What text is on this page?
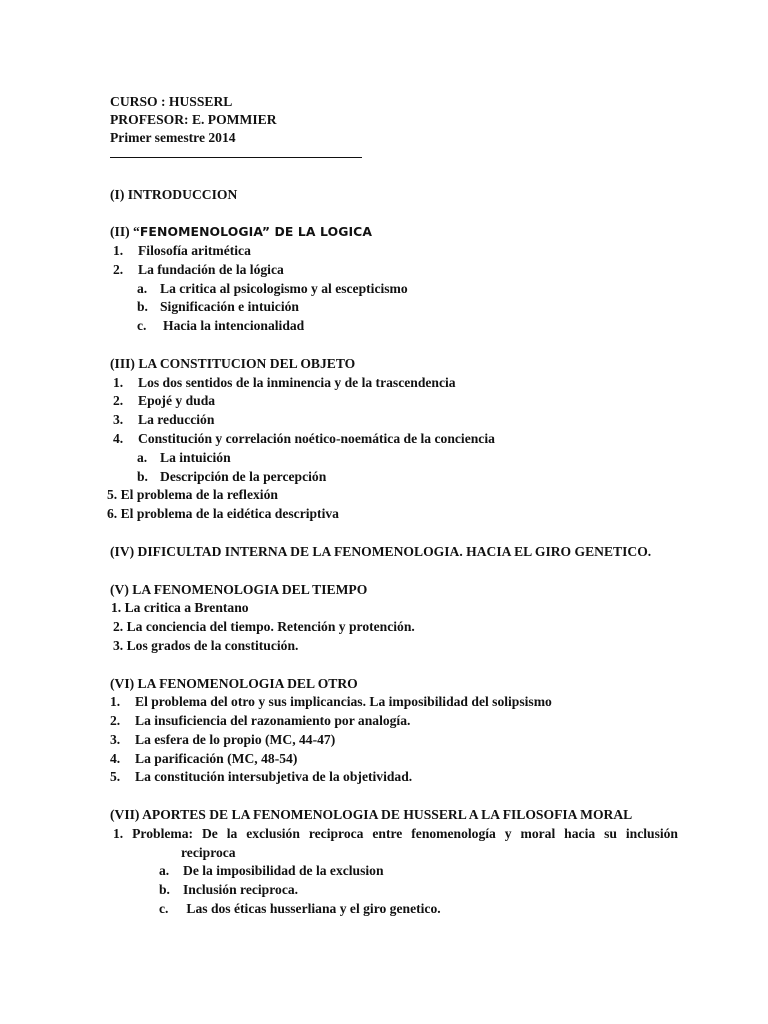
CURSO : HUSSERL
PROFESOR: E. POMMIER
Primer semestre 2014
(I) INTRODUCCION
(II) “FENOMENOLOGIA” DE LA LOGICA
1. Filosofía aritmética
2. La fundación de la lógica
a. La critica al psicologismo y al escepticismo
b. Significación e intuición
c. Hacia la intencionalidad
(III) LA CONSTITUCION DEL OBJETO
1. Los dos sentidos de la inminencia y de la trascendencia
2. Epojé y duda
3. La reducción
4. Constitución y correlación noético-noemática de la conciencia
a. La intuición
b. Descripción de la percepción
5. El problema de la reflexión
6. El problema de la eidética descriptiva
(IV) DIFICULTAD INTERNA DE LA FENOMENOLOGIA. HACIA EL GIRO GENETICO.
(V) LA FENOMENOLOGIA DEL TIEMPO
1. La critica a Brentano
2. La conciencia del tiempo. Retención y protención.
3. Los grados de la constitución.
(VI) LA FENOMENOLOGIA DEL OTRO
1. El problema del otro y sus implicancias. La imposibilidad del solipsismo
2. La insuficiencia del razonamiento por analogía.
3. La esfera de lo propio (MC, 44-47)
4. La parificación (MC, 48-54)
5. La constitución intersubjetiva de la objetividad.
(VII) APORTES DE LA FENOMENOLOGIA DE HUSSERL A LA FILOSOFIA MORAL
1. Problema: De la exclusión reciproca entre fenomenología y moral hacia su inclusión
reciproca
a. De la imposibilidad de la exclusion
b. Inclusión reciproca.
c. Las dos éticas husserliana y el giro genetico.
